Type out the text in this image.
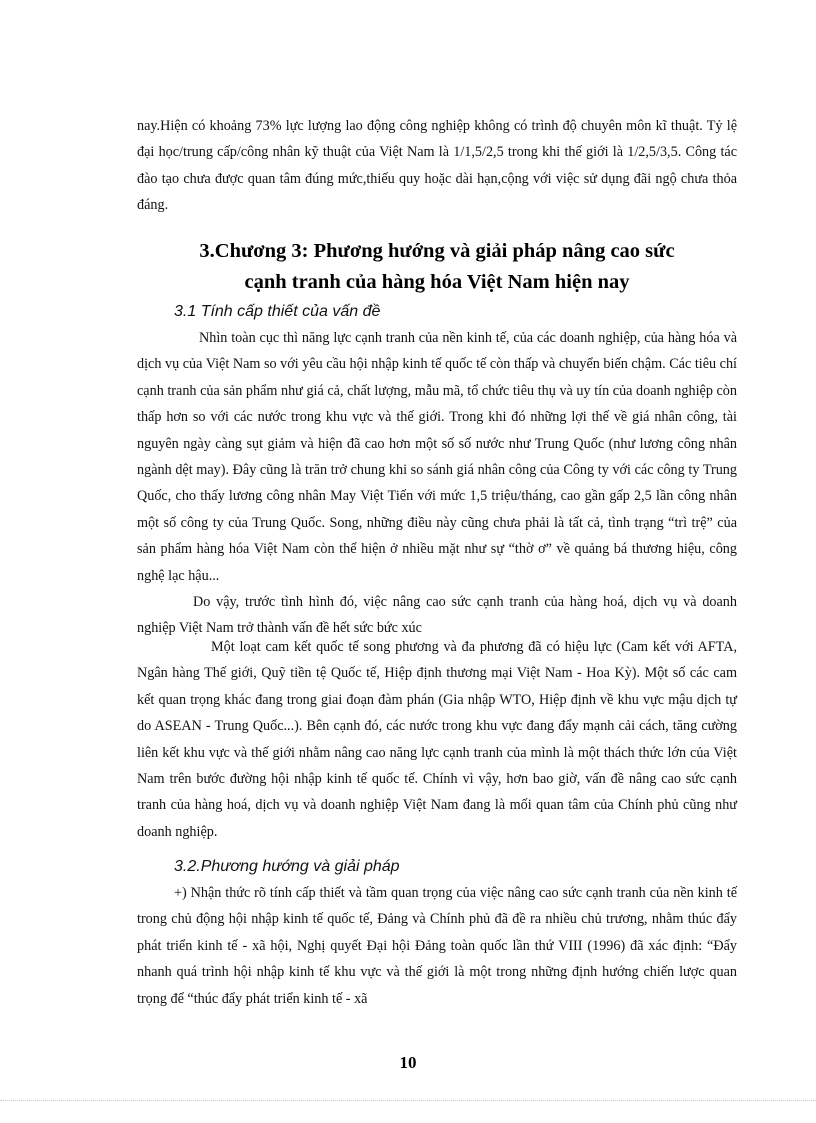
nay.Hiện có khoảng 73% lực lượng lao động công nghiệp không có trình độ chuyên môn kĩ thuật. Tỷ lệ đại học/trung cấp/công nhân kỹ thuật của Việt Nam là 1/1,5/2,5 trong khi thế giới là 1/2,5/3,5. Công tác đào tạo chưa được quan tâm đúng mức,thiếu quy hoặc dài hạn,cộng với việc sử dụng đãi ngộ chưa thỏa đáng.

3.Chương 3: Phương hướng và giải pháp nâng cao sức
cạnh tranh của hàng hóa Việt Nam hiện nay
3.1 Tính cấp thiết của vấn đề

Nhìn toàn cục thì năng lực cạnh tranh của nền kinh tế, của các doanh nghiệp, của hàng hóa và dịch vụ của Việt Nam so với yêu cầu hội nhập kinh tế quốc tế còn thấp và chuyển biến chậm. Các tiêu chí cạnh tranh của sản phẩm như giá cả, chất lượng, mẫu mã, tổ chức tiêu thụ và uy tín của doanh nghiệp còn thấp hơn so với các nước trong khu vực và thế giới. Trong khi đó những lợi thế về giá nhân công, tài nguyên ngày càng sụt giảm và hiện đã cao hơn một số số nước như Trung Quốc (như lương công nhân ngành dệt may). Đây cũng là trăn trở chung khi so sánh giá nhân công của Công ty với các công ty Trung Quốc, cho thấy lương công nhân May Việt Tiến với mức 1,5 triệu/tháng, cao gần gấp 2,5 lần công nhân một số công ty của Trung Quốc. Song, những điều này cũng chưa phải là tất cả, tình trạng “trì trệ” của sản phẩm hàng hóa Việt Nam còn thể hiện ở nhiều mặt như sự “thờ ơ” về quảng bá thương hiệu, công nghệ lạc hậu...

Do vậy, trước tình hình đó, việc nâng cao sức cạnh tranh của hàng hoá, dịch vụ và doanh nghiệp Việt Nam trở thành vấn đề hết sức bức xúc

Một loạt cam kết quốc tế song phương và đa phương đã có hiệu lực (Cam kết với AFTA, Ngân hàng Thế giới, Quỹ tiền tệ Quốc tế, Hiệp định thương mại Việt Nam - Hoa Kỳ). Một số các cam kết quan trọng khác đang trong giai đoạn đàm phán (Gia nhập WTO, Hiệp định về khu vực mậu dịch tự do ASEAN - Trung Quốc...). Bên cạnh đó, các nước trong khu vực đang đẩy mạnh cải cách, tăng cường liên kết khu vực và thế giới nhằm nâng cao năng lực cạnh tranh của mình là một thách thức lớn của Việt Nam trên bước đường hội nhập kinh tế quốc tế. Chính vì vậy, hơn bao giờ, vấn đề nâng cao sức cạnh tranh của hàng hoá, dịch vụ và doanh nghiệp Việt Nam đang là mối quan tâm của Chính phủ cũng như doanh nghiệp.

3.2.Phương hướng và giải pháp

+) Nhận thức rõ tính cấp thiết và tầm quan trọng của việc nâng cao sức cạnh tranh của nền kinh tế trong chủ động hội nhập kinh tế quốc tế, Đảng và Chính phủ đã đề ra nhiều chủ trương, nhằm thúc đẩy phát triển kinh tế - xã hội, Nghị quyết Đại hội Đảng toàn quốc lần thứ VIII (1996) đã xác định: “Đẩy nhanh quá trình hội nhập kinh tế khu vực và thế giới là một trong những định hướng chiến lược quan trọng để “thúc đẩy phát triển kinh tế - xã

10
